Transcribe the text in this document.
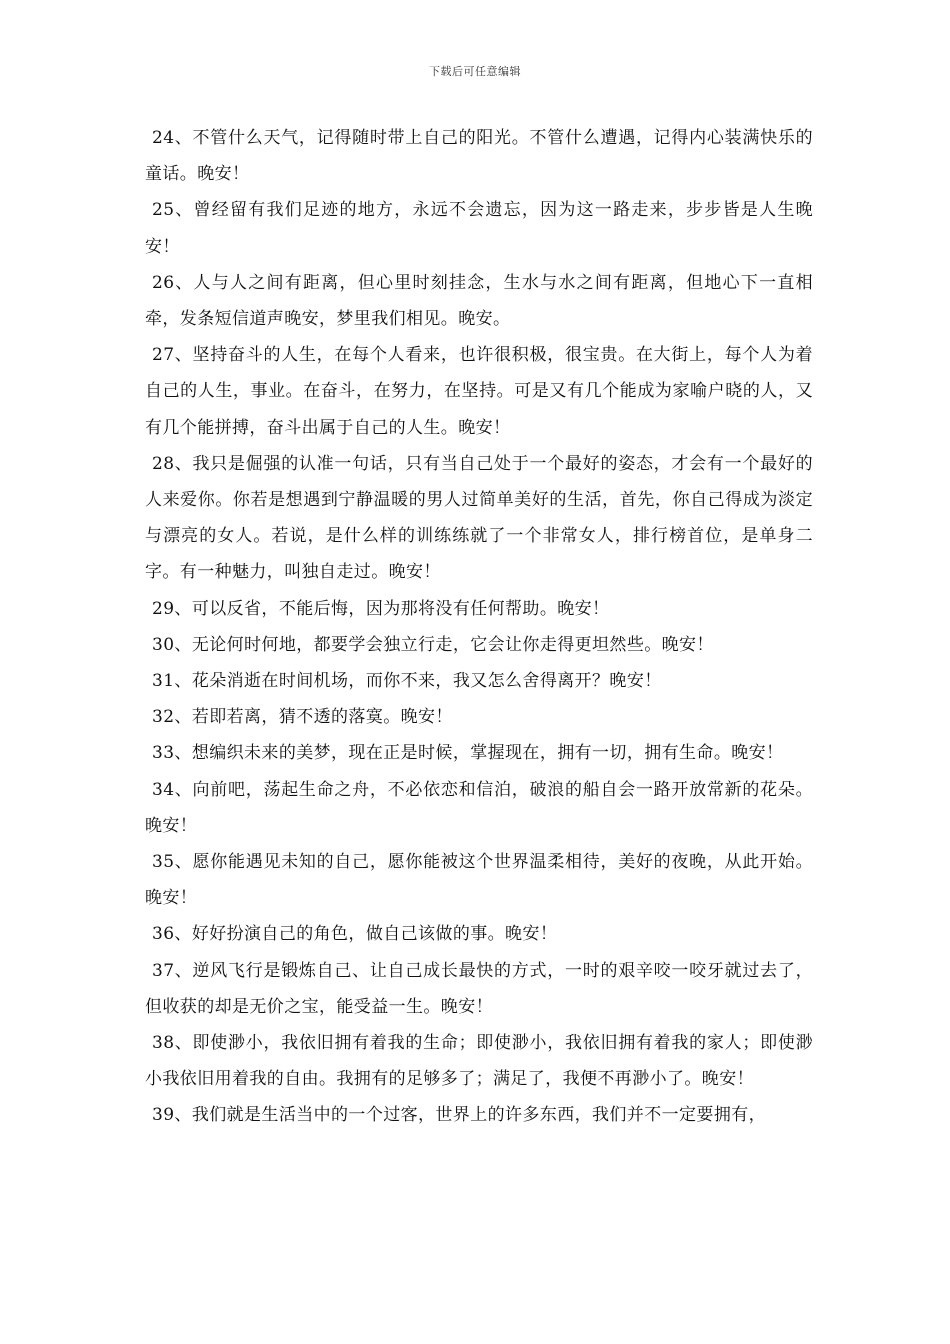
下载后可任意编辑

24、不管什么天气，记得随时带上自己的阳光。不管什么遭遇，记得内心装满快乐的童话。晚安！

25、曾经留有我们足迹的地方，永远不会遗忘，因为这一路走来，步步皆是人生晚安！

26、人与人之间有距离，但心里时刻挂念，生水与水之间有距离，但地心下一直相牵，发条短信道声晚安，梦里我们相见。晚安。

27、坚持奋斗的人生，在每个人看来，也许很积极，很宝贵。在大街上，每个人为着自己的人生，事业。在奋斗，在努力，在坚持。可是又有几个能成为家喻户晓的人，又有几个能拼搏，奋斗出属于自己的人生。晚安！

28、我只是倔强的认准一句话，只有当自己处于一个最好的姿态，才会有一个最好的人来爱你。你若是想遇到宁静温暖的男人过简单美好的生活，首先，你自己得成为淡定与漂亮的女人。若说，是什么样的训练练就了一个非常女人，排行榜首位，是单身二字。有一种魅力，叫独自走过。晚安！

29、可以反省，不能后悔，因为那将没有任何帮助。晚安！

30、无论何时何地，都要学会独立行走，它会让你走得更坦然些。晚安！

31、花朵消逝在时间机场，而你不来，我又怎么舍得离开？晚安！

32、若即若离，猜不透的落寞。晚安！

33、想编织未来的美梦，现在正是时候，掌握现在，拥有一切，拥有生命。晚安！

34、向前吧，荡起生命之舟，不必依恋和信泊，破浪的船自会一路开放常新的花朵。晚安！

35、愿你能遇见未知的自己，愿你能被这个世界温柔相待，美好的夜晚，从此开始。晚安！

36、好好扮演自己的角色，做自己该做的事。晚安！

37、逆风飞行是锻炼自己、让自己成长最快的方式，一时的艰辛咬一咬牙就过去了，但收获的却是无价之宝，能受益一生。晚安！

38、即使渺小，我依旧拥有着我的生命；即使渺小，我依旧拥有着我的家人；即使渺小我依旧用着我的自由。我拥有的足够多了；满足了，我便不再渺小了。晚安！

39、我们就是生活当中的一个过客，世界上的许多东西，我们并不一定要拥有，
